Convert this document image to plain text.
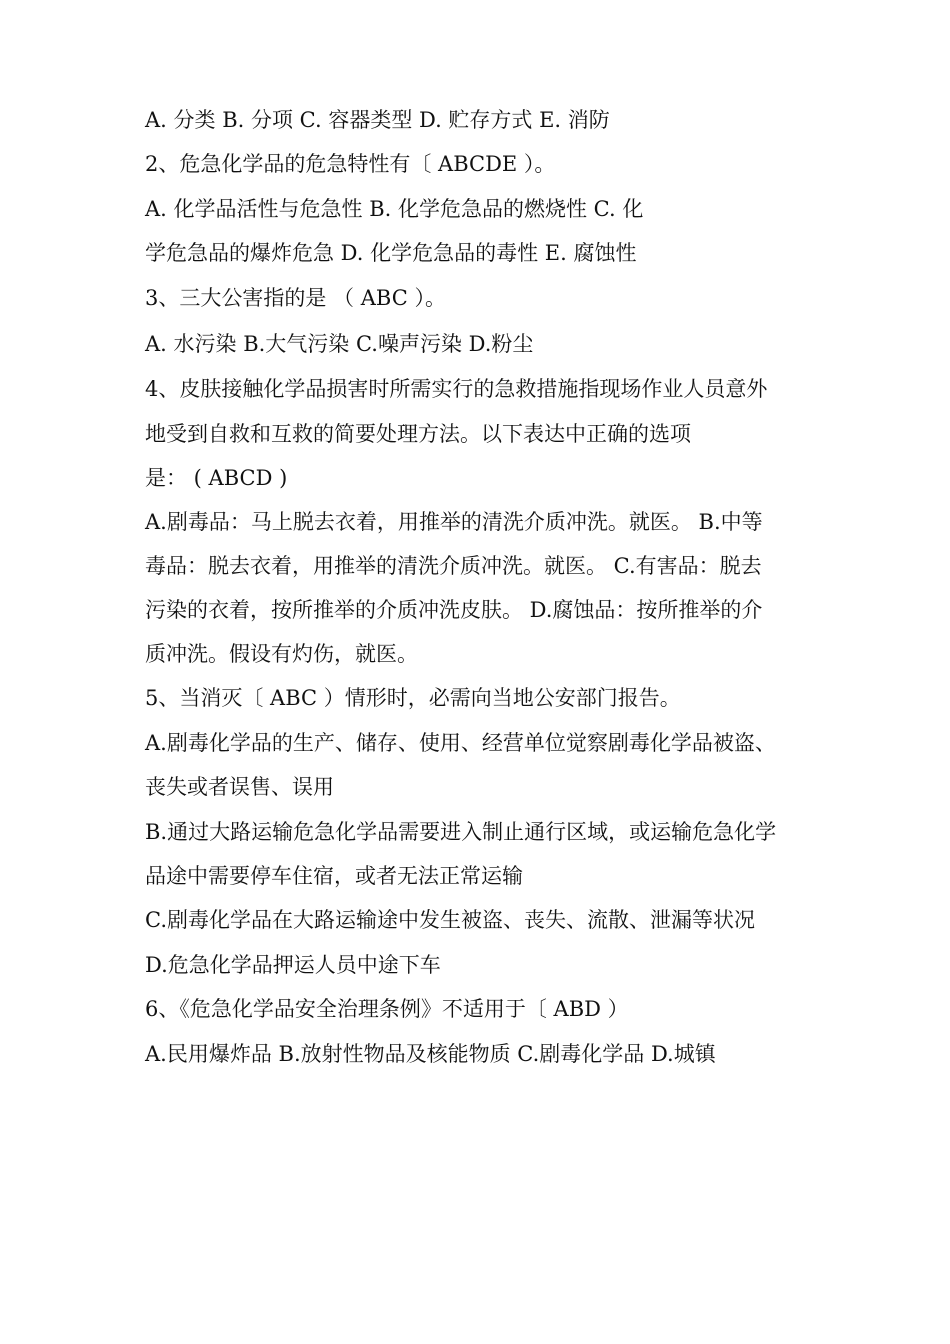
A. 分类 B. 分项 C. 容器类型 D. 贮存方式 E. 消防
2、危急化学品的危急特性有〔 ABCDE ）。
A. 化学品活性与危急性 B. 化学危急品的燃烧性 C. 化
学危急品的爆炸危急 D. 化学危急品的毒性 E. 腐蚀性
3、三大公害指的是 （ ABC ）。
A. 水污染 B.大气污染 C.噪声污染 D.粉尘
4、皮肤接触化学品损害时所需实行的急救措施指现场作业人员意外
地受到自救和互救的简要处理方法。以下表达中正确的选项
是： ( ABCD )
A.剧毒品：马上脱去衣着，用推举的清洗介质冲洗。就医。 B.中等
毒品：脱去衣着，用推举的清洗介质冲洗。就医。 C.有害品：脱去
污染的衣着，按所推举的介质冲洗皮肤。 D.腐蚀品：按所推举的介
质冲洗。假设有灼伤，就医。
5、当消灭〔 ABC ）情形时，必需向当地公安部门报告。
A.剧毒化学品的生产、储存、使用、经营单位觉察剧毒化学品被盗、
丧失或者误售、误用
B.通过大路运输危急化学品需要进入制止通行区域，或运输危急化学
品途中需要停车住宿，或者无法正常运输
C.剧毒化学品在大路运输途中发生被盗、丧失、流散、泄漏等状况
D.危急化学品押运人员中途下车
6、《危急化学品安全治理条例》不适用于〔 ABD ）
A.民用爆炸品 B.放射性物品及核能物质 C.剧毒化学品 D.城镇
